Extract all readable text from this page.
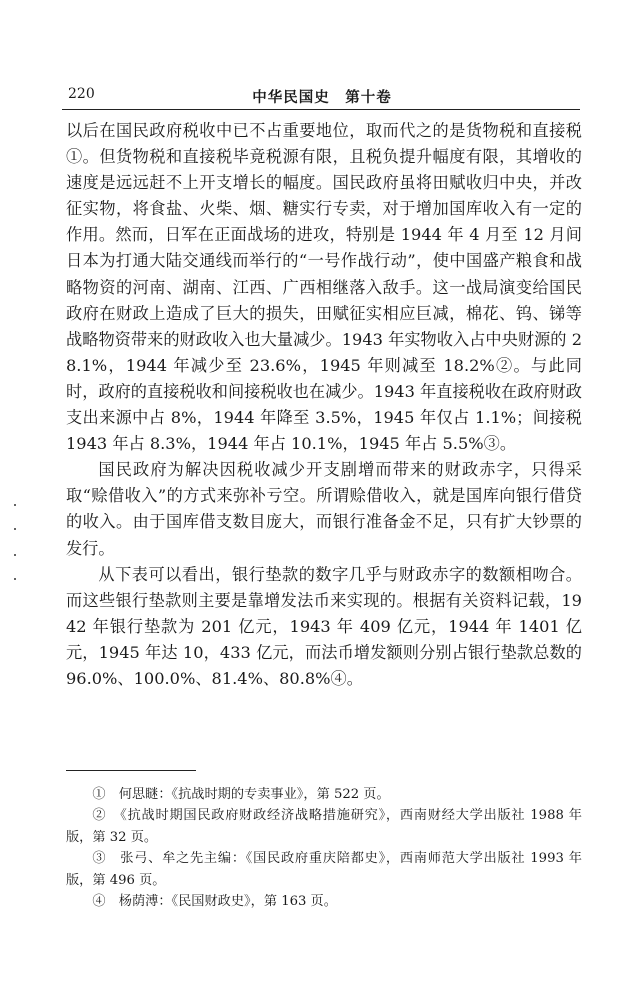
220	中华民国史　第十卷

以后在国民政府税收中已不占重要地位，取而代之的是货物税和直接税①。但货物税和直接税毕竟税源有限，且税负提升幅度有限，其增收的速度是远远赶不上开支增长的幅度。国民政府虽将田赋收归中央，并改征实物，将食盐、火柴、烟、糖实行专卖，对于增加国库收入有一定的作用。然而，日军在正面战场的进攻，特别是 1944 年 4 月至 12 月间日本为打通大陆交通线而举行的“一号作战行动”，使中国盛产粮食和战略物资的河南、湖南、江西、广西相继落入敌手。这一战局演变给国民政府在财政上造成了巨大的损失，田赋征实相应巨减，棉花、钨、锑等战略物资带来的财政收入也大量减少。1943 年实物收入占中央财源的 28.1%，1944 年减少至 23.6%，1945 年则减至 18.2%②。与此同时，政府的直接税收和间接税收也在减少。1943 年直接税收在政府财政支出来源中占 8%，1944 年降至 3.5%，1945 年仅占 1.1%；间接税 1943 年占 8.3%，1944 年占 10.1%，1945 年占 5.5%③。

国民政府为解决因税收减少开支剧增而带来的财政赤字，只得采取“赊借收入”的方式来弥补亏空。所谓赊借收入，就是国库向银行借贷的收入。由于国库借支数目庞大，而银行准备金不足，只有扩大钞票的发行。

从下表可以看出，银行垫款的数字几乎与财政赤字的数额相吻合。而这些银行垫款则主要是靠增发法币来实现的。根据有关资料记载，1942 年银行垫款为 201 亿元，1943 年 409 亿元，1944 年 1401 亿元，1945 年达 10，433 亿元，而法币增发额则分别占银行垫款总数的 96.0%、100.0%、81.4%、80.8%④。

①　何思瞇：《抗战时期的专卖事业》，第 522 页。

②　《抗战时期国民政府财政经济战略措施研究》，西南财经大学出版社 1988 年版，第 32 页。

③　张弓、牟之先主编：《国民政府重庆陪都史》，西南师范大学出版社 1993 年版，第 496 页。

④　杨荫溥：《民国财政史》，第 163 页。
